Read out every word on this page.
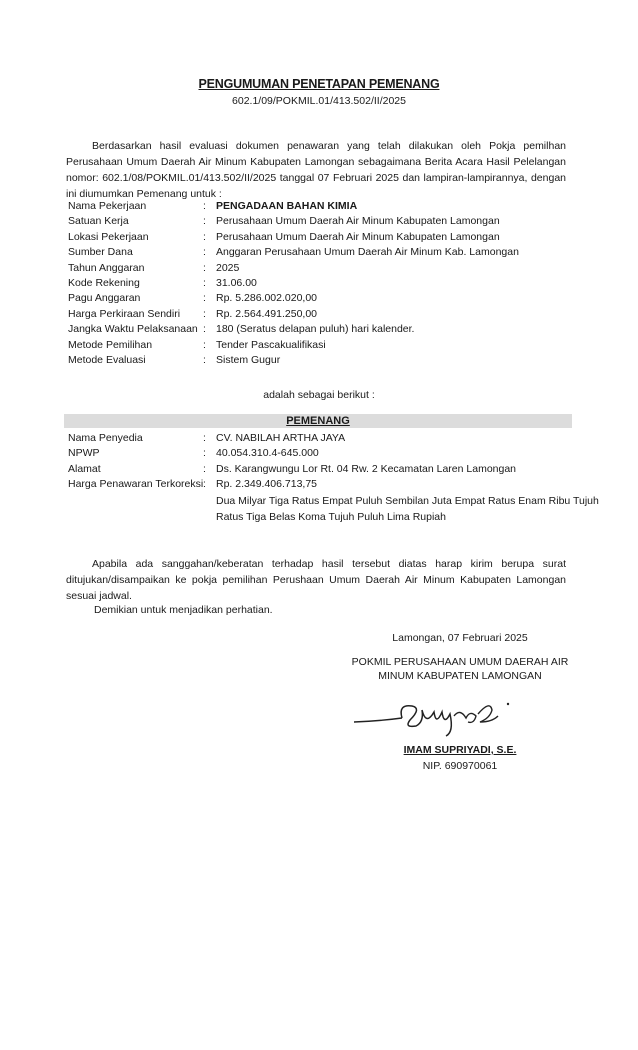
PENGUMUMAN PENETAPAN PEMENANG
602.1/09/POKMIL.01/413.502/II/2025
Berdasarkan hasil evaluasi dokumen penawaran yang telah dilakukan oleh Pokja pemilhan Perusahaan Umum Daerah Air Minum Kabupaten Lamongan sebagaimana Berita Acara Hasil Pelelangan nomor: 602.1/08/POKMIL.01/413.502/II/2025 tanggal 07 Februari 2025 dan lampiran-lampirannya, dengan ini diumumkan Pemenang untuk :
Nama Pekerjaan	: PENGADAAN BAHAN KIMIA
Satuan Kerja	: Perusahaan Umum Daerah Air Minum Kabupaten Lamongan
Lokasi Pekerjaan	: Perusahaan Umum Daerah Air Minum Kabupaten Lamongan
Sumber Dana	: Anggaran Perusahaan Umum Daerah Air Minum Kab. Lamongan
Tahun Anggaran	: 2025
Kode Rekening	: 31.06.00
Pagu Anggaran	: Rp. 5.286.002.020,00
Harga Perkiraan Sendiri : Rp. 2.564.491.250,00
Jangka Waktu Pelaksanaan : 180 (Seratus delapan puluh) hari kalender.
Metode Pemilihan	: Tender Pascakualifikasi
Metode Evaluasi	: Sistem Gugur
adalah sebagai berikut :
PEMENANG
Nama Penyedia	: CV. NABILAH ARTHA JAYA
NPWP	: 40.054.310.4-645.000
Alamat	: Ds. Karangwungu Lor Rt. 04 Rw. 2 Kecamatan Laren Lamongan
Harga Penawaran Terkoreksi : Rp. 2.349.406.713,75
Dua Milyar Tiga Ratus Empat Puluh Sembilan Juta Empat Ratus Enam Ribu Tujuh
Ratus Tiga Belas Koma Tujuh Puluh Lima Rupiah
Apabila ada sanggahan/keberatan terhadap hasil tersebut diatas harap kirim berupa surat ditujukan/disampaikan ke pokja pemilihan Perushaan Umum Daerah Air Minum Kabupaten Lamongan sesuai jadwal.
Demikian untuk menjadikan perhatian.
Lamongan, 07 Februari 2025
POKMIL PERUSAHAAN UMUM DAERAH AIR
MINUM KABUPATEN LAMONGAN
IMAM SUPRIYADI, S.E.
NIP. 690970061
